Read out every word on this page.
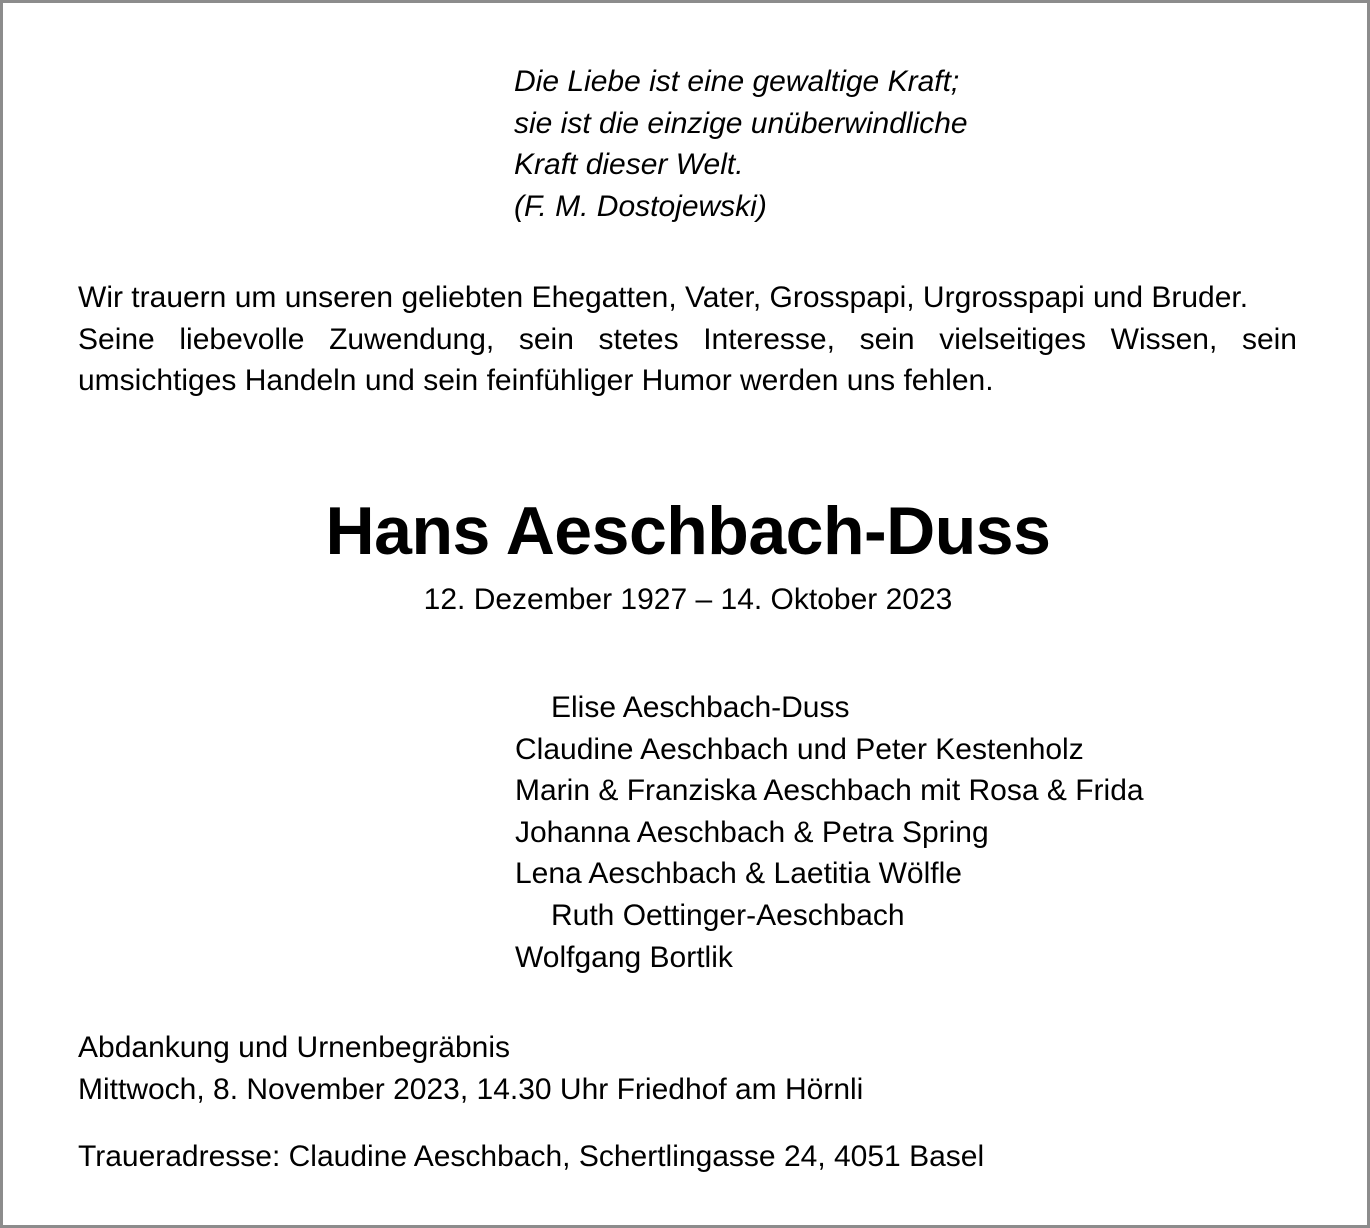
Die Liebe ist eine gewaltige Kraft;
sie ist die einzige unüberwindliche
Kraft dieser Welt.
(F. M. Dostojewski)

Wir trauern um unseren geliebten Ehegatten, Vater, Grosspapi, Urgrosspapi und Bruder.

Seine liebevolle Zuwendung, sein stetes Interesse, sein vielseitiges Wissen, sein umsichtiges Handeln und sein feinfühliger Humor werden uns fehlen.

Hans Aeschbach-Duss
12. Dezember 1927 – 14. Oktober 2023
Elise Aeschbach-Duss
Claudine Aeschbach und Peter Kestenholz
Marin & Franziska Aeschbach mit Rosa & Frida
Johanna Aeschbach & Petra Spring
Lena Aeschbach & Laetitia Wölfle
Ruth Oettinger-Aeschbach
Wolfgang Bortlik
Abdankung und Urnenbegräbnis
Mittwoch, 8. November 2023, 14.30 Uhr Friedhof am Hörnli
Traueradresse: Claudine Aeschbach, Schertlingasse 24, 4051 Basel
